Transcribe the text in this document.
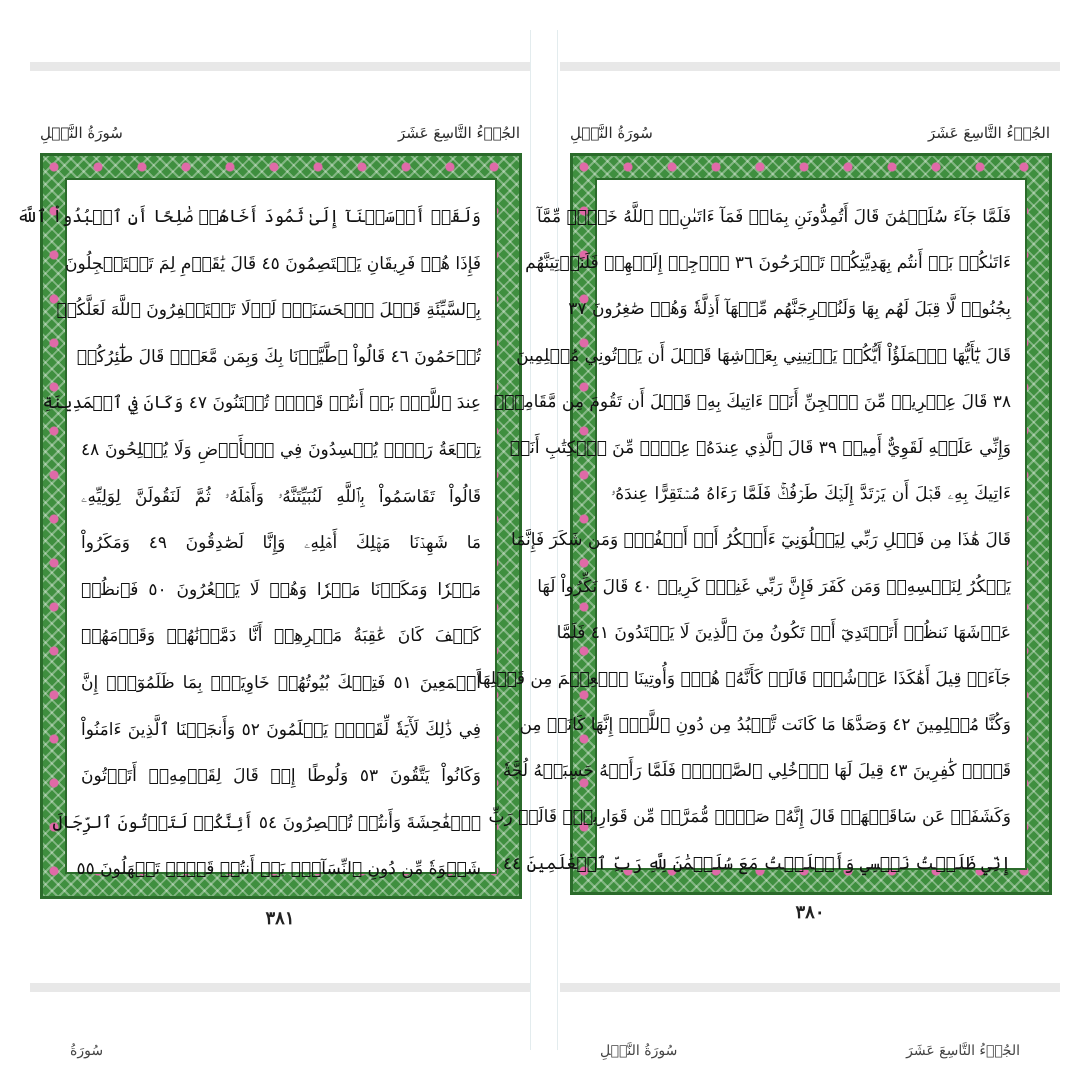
سُورَةُ النَّمۡلِ	الجُزۡءُ التَّاسِعَ عَشَرَ
وَلَقَدۡ أَرۡسَلۡنَآ إِلَىٰ ثَمُودَ أَخَاهُمۡ صَٰلِحًا أَنِ ٱعۡبُدُواْ ٱللَّهَ
فَإِذَا هُمۡ فَرِيقَانِ يَخۡتَصِمُونَ ٤٥ قَالَ يَٰقَوۡمِ لِمَ تَسۡتَعۡجِلُونَ
بِٱلسَّيِّئَةِ قَبۡلَ ٱلۡحَسَنَةِۖ لَوۡلَا تَسۡتَغۡفِرُونَ ٱللَّهَ لَعَلَّكُمۡ
تُرۡحَمُونَ ٤٦ قَالُواْ ٱطَّيَّرۡنَا بِكَ وَبِمَن مَّعَكَۚ قَالَ طَٰٓئِرُكُمۡ
عِندَ ٱللَّهِۖ بَلۡ أَنتُمۡ قَوۡمٞ تُفۡتَنُونَ ٤٧ وَكَانَ فِي ٱلۡمَدِينَةِ
تِسۡعَةُ رَهۡطٖ يُفۡسِدُونَ فِي ٱلۡأَرۡضِ وَلَا يُصۡلِحُونَ ٤٨
قَالُواْ تَقَاسَمُواْ بِٱللَّهِ لَنُبَيِّتَنَّهُۥ وَأَهۡلَهُۥ ثُمَّ لَنَقُولَنَّ لِوَلِيِّهِۦ
مَا شَهِدۡنَا مَهۡلِكَ أَهۡلِهِۦ وَإِنَّا لَصَٰدِقُونَ ٤٩ وَمَكَرُواْ
مَكۡرٗا وَمَكَرۡنَا مَكۡرٗا وَهُمۡ لَا يَشۡعُرُونَ ٥٠ فَٱنظُرۡ
كَيۡفَ كَانَ عَٰقِبَةُ مَكۡرِهِمۡ أَنَّا دَمَّرۡنَٰهُمۡ وَقَوۡمَهُمۡ
أَجۡمَعِينَ ٥١ فَتِلۡكَ بُيُوتُهُمۡ خَاوِيَةَۢ بِمَا ظَلَمُوٓاْۚ إِنَّ
فِي ذَٰلِكَ لَأٓيَةٗ لِّقَوۡمٖ يَعۡلَمُونَ ٥٢ وَأَنجَيۡنَا ٱلَّذِينَ ءَامَنُواْ
وَكَانُواْ يَتَّقُونَ ٥٣ وَلُوطًا إِذۡ قَالَ لِقَوۡمِهِۦٓ أَتَأۡتُونَ
ٱلۡفَٰحِشَةَ وَأَنتُمۡ تُبۡصِرُونَ ٥٤ أَئِنَّكُمۡ لَتَأۡتُونَ ٱلرِّجَالَ
شَهۡوَةٗ مِّن دُونِ ٱلنِّسَآءِۚ بَلۡ أَنتُمۡ قَوۡمٞ تَجۡهَلُونَ ٥٥
٣٨١
سُورَةُ
سُورَةُ النَّمۡلِ	الجُزۡءُ التَّاسِعَ عَشَرَ
فَلَمَّا جَآءَ سُلَيۡمَٰنَ قَالَ أَتُمِدُّونَنِ بِمَالٖ فَمَآ ءَاتَىٰنِۦَ ٱللَّهُ خَيۡرٞ مِّمَّآ
ءَاتَىٰكُمۚ بَلۡ أَنتُم بِهَدِيَّتِكُمۡ تَفۡرَحُونَ ٣٦ ٱرۡجِعۡ إِلَيۡهِمۡ فَلَنَأۡتِيَنَّهُم
بِجُنُودٖ لَّا قِبَلَ لَهُم بِهَا وَلَنُخۡرِجَنَّهُم مِّنۡهَآ أَذِلَّةٗ وَهُمۡ صَٰغِرُونَ ٣٧
قَالَ يَٰٓأَيُّهَا ٱلۡمَلَؤُاْ أَيُّكُمۡ يَأۡتِينِي بِعَرۡشِهَا قَبۡلَ أَن يَأۡتُونِي مُسۡلِمِينَ
٣٨ قَالَ عِفۡرِيتٞ مِّنَ ٱلۡجِنِّ أَنَا۠ ءَاتِيكَ بِهِۦ قَبۡلَ أَن تَقُومَ مِن مَّقَامِكَۖ
وَإِنِّي عَلَيۡهِ لَقَوِيٌّ أَمِينٞ ٣٩ قَالَ ٱلَّذِي عِندَهُۥ عِلۡمٞ مِّنَ ٱلۡكِتَٰبِ أَنَا۠
ءَاتِيكَ بِهِۦ قَبۡلَ أَن يَرۡتَدَّ إِلَيۡكَ طَرۡفُكَۚ فَلَمَّا رَءَاهُ مُسۡتَقِرًّا عِندَهُۥ
قَالَ هَٰذَا مِن فَضۡلِ رَبِّي لِيَبۡلُوَنِيٓ ءَأَشۡكُرُ أَمۡ أَكۡفُرُۖ وَمَن شَكَرَ فَإِنَّمَا
يَشۡكُرُ لِنَفۡسِهِۦۖ وَمَن كَفَرَ فَإِنَّ رَبِّي غَنِيّٞ كَرِيمٞ ٤٠ قَالَ نَكِّرُواْ لَهَا
عَرۡشَهَا نَنظُرۡ أَتَهۡتَدِيٓ أَمۡ تَكُونُ مِنَ ٱلَّذِينَ لَا يَهۡتَدُونَ ٤١ فَلَمَّا
جَآءَتۡ قِيلَ أَهَٰكَذَا عَرۡشُكِۖ قَالَتۡ كَأَنَّهُۥ هُوَۚ وَأُوتِينَا ٱلۡعِلۡمَ مِن قَبۡلِهَا
وَكُنَّا مُسۡلِمِينَ ٤٢ وَصَدَّهَا مَا كَانَت تَّعۡبُدُ مِن دُونِ ٱللَّهِۖ إِنَّهَا كَانَتۡ مِن
قَوۡمٖ كَٰفِرِينَ ٤٣ قِيلَ لَهَا ٱدۡخُلِي ٱلصَّرۡحَۖ فَلَمَّا رَأَتۡهُ حَسِبَتۡهُ لُجَّةٗ
وَكَشَفَتۡ عَن سَاقَيۡهَاۚ قَالَ إِنَّهُۥ صَرۡحٞ مُّمَرَّدٞ مِّن قَوَارِيرَۗ قَالَتۡ رَبِّ
إِنِّي ظَلَمۡتُ نَفۡسِي وَأَسۡلَمۡتُ مَعَ سُلَيۡمَٰنَ لِلَّهِ رَبِّ ٱلۡعَٰلَمِينَ ٤٤
٣٨٠
الجُزۡءُ التَّاسِعَ عَشَرَ
سُورَةُ النَّمۡلِ
